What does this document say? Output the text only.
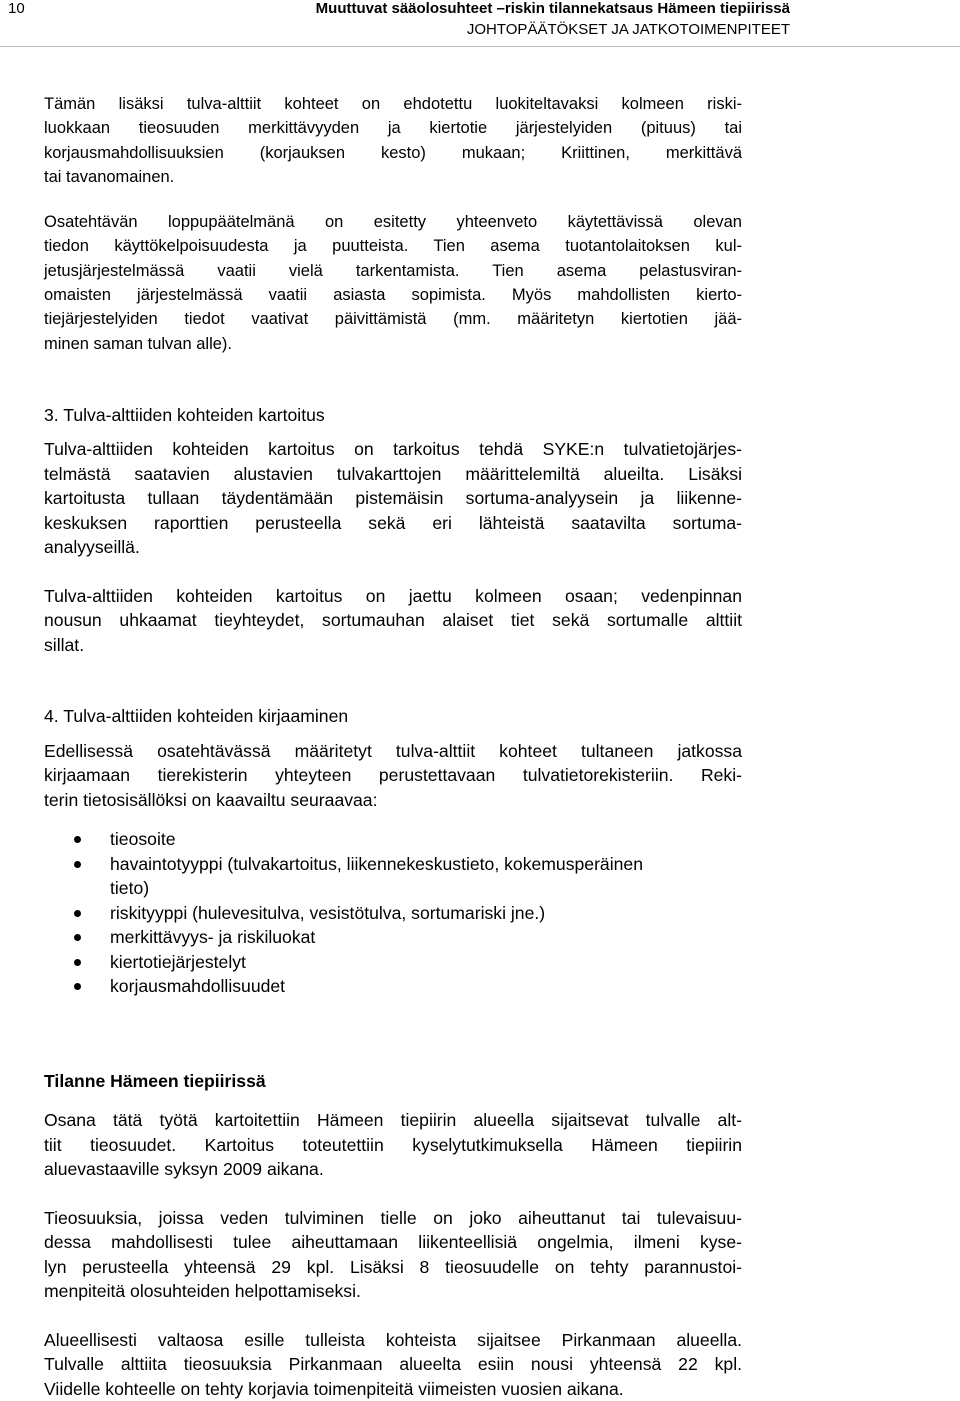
10	Muuttuvat sääolosuhteet –riskin tilannekatsaus Hämeen tiepiirissä
JOHTOPÄÄTÖKSET JA JATKOTOIMENPITEET

Tämän lisäksi tulva-alttiit kohteet on ehdotettu luokiteltavaksi kolmeen riski-
luokkaan tieosuuden merkittävyyden ja kiertotie järjestelyiden (pituus) tai
korjausmahdollisuuksien (korjauksen kesto) mukaan; Kriittinen, merkittävä
tai tavanomainen.

Osatehtävän loppupäätelmänä on esitetty yhteenveto käytettävissä olevan
tiedon käyttökelpoisuudesta ja puutteista. Tien asema tuotantolaitoksen kul-
jetusjärjestelmässä vaatii vielä tarkentamista. Tien asema pelastusviran-
omaisten järjestelmässä vaatii asiasta sopimista. Myös mahdollisten kierto-
tiejärjestelyiden tiedot vaativat päivittämistä (mm. määritetyn kiertotien jää-
minen saman tulvan alle).

3. Tulva-alttiiden kohteiden kartoitus

Tulva-alttiiden kohteiden kartoitus on tarkoitus tehdä SYKE:n tulvatietojärjes-
telmästä saatavien alustavien tulvakarttojen määrittelemiltä alueilta. Lisäksi
kartoitusta tullaan täydentämään pistemäisin sortuma-analyysein ja liikenne-
keskuksen raporttien perusteella sekä eri lähteistä saatavilta sortuma-
analyyseillä.

Tulva-alttiiden kohteiden kartoitus on jaettu kolmeen osaan; vedenpinnan
nousun uhkaamat tieyhteydet, sortumauhan alaiset tiet sekä sortumalle alttiit
sillat.

4. Tulva-alttiiden kohteiden kirjaaminen

Edellisessä osatehtävässä määritetyt tulva-alttiit kohteet tultaneen jatkossa
kirjaamaan tierekisterin yhteyteen perustettavaan tulvatietorekisteriin. Reki-
terin tietosisällöksi on kaavailtu seuraavaa:

tieosoite
havaintotyyppi (tulvakartoitus, liikennekeskustieto, kokemusperäinen
tieto)
riskityyppi (hulevesitulva, vesistötulva, sortumariski jne.)
merkittävyys- ja riskiluokat
kiertotiejärjestelyt
korjausmahdollisuudet

Tilanne Hämeen tiepiirissä

Osana tätä työtä kartoitettiin Hämeen tiepiirin alueella sijaitsevat tulvalle alt-
tiit tieosuudet. Kartoitus toteutettiin kyselytutkimuksella Hämeen tiepiirin
aluevastaaville syksyn 2009 aikana.

Tieosuuksia, joissa veden tulviminen tielle on joko aiheuttanut tai tulevaisuu-
dessa mahdollisesti tulee aiheuttamaan liikenteellisiä ongelmia, ilmeni kyse-
lyn perusteella yhteensä 29 kpl. Lisäksi 8 tieosuudelle on tehty parannustoi-
menpiteitä olosuhteiden helpottamiseksi.

Alueellisesti valtaosa esille tulleista kohteista sijaitsee Pirkanmaan alueella.
Tulvalle alttiita tieosuuksia Pirkanmaan alueelta esiin nousi yhteensä 22 kpl.
Viidelle kohteelle on tehty korjavia toimenpiteitä viimeisten vuosien aikana.
